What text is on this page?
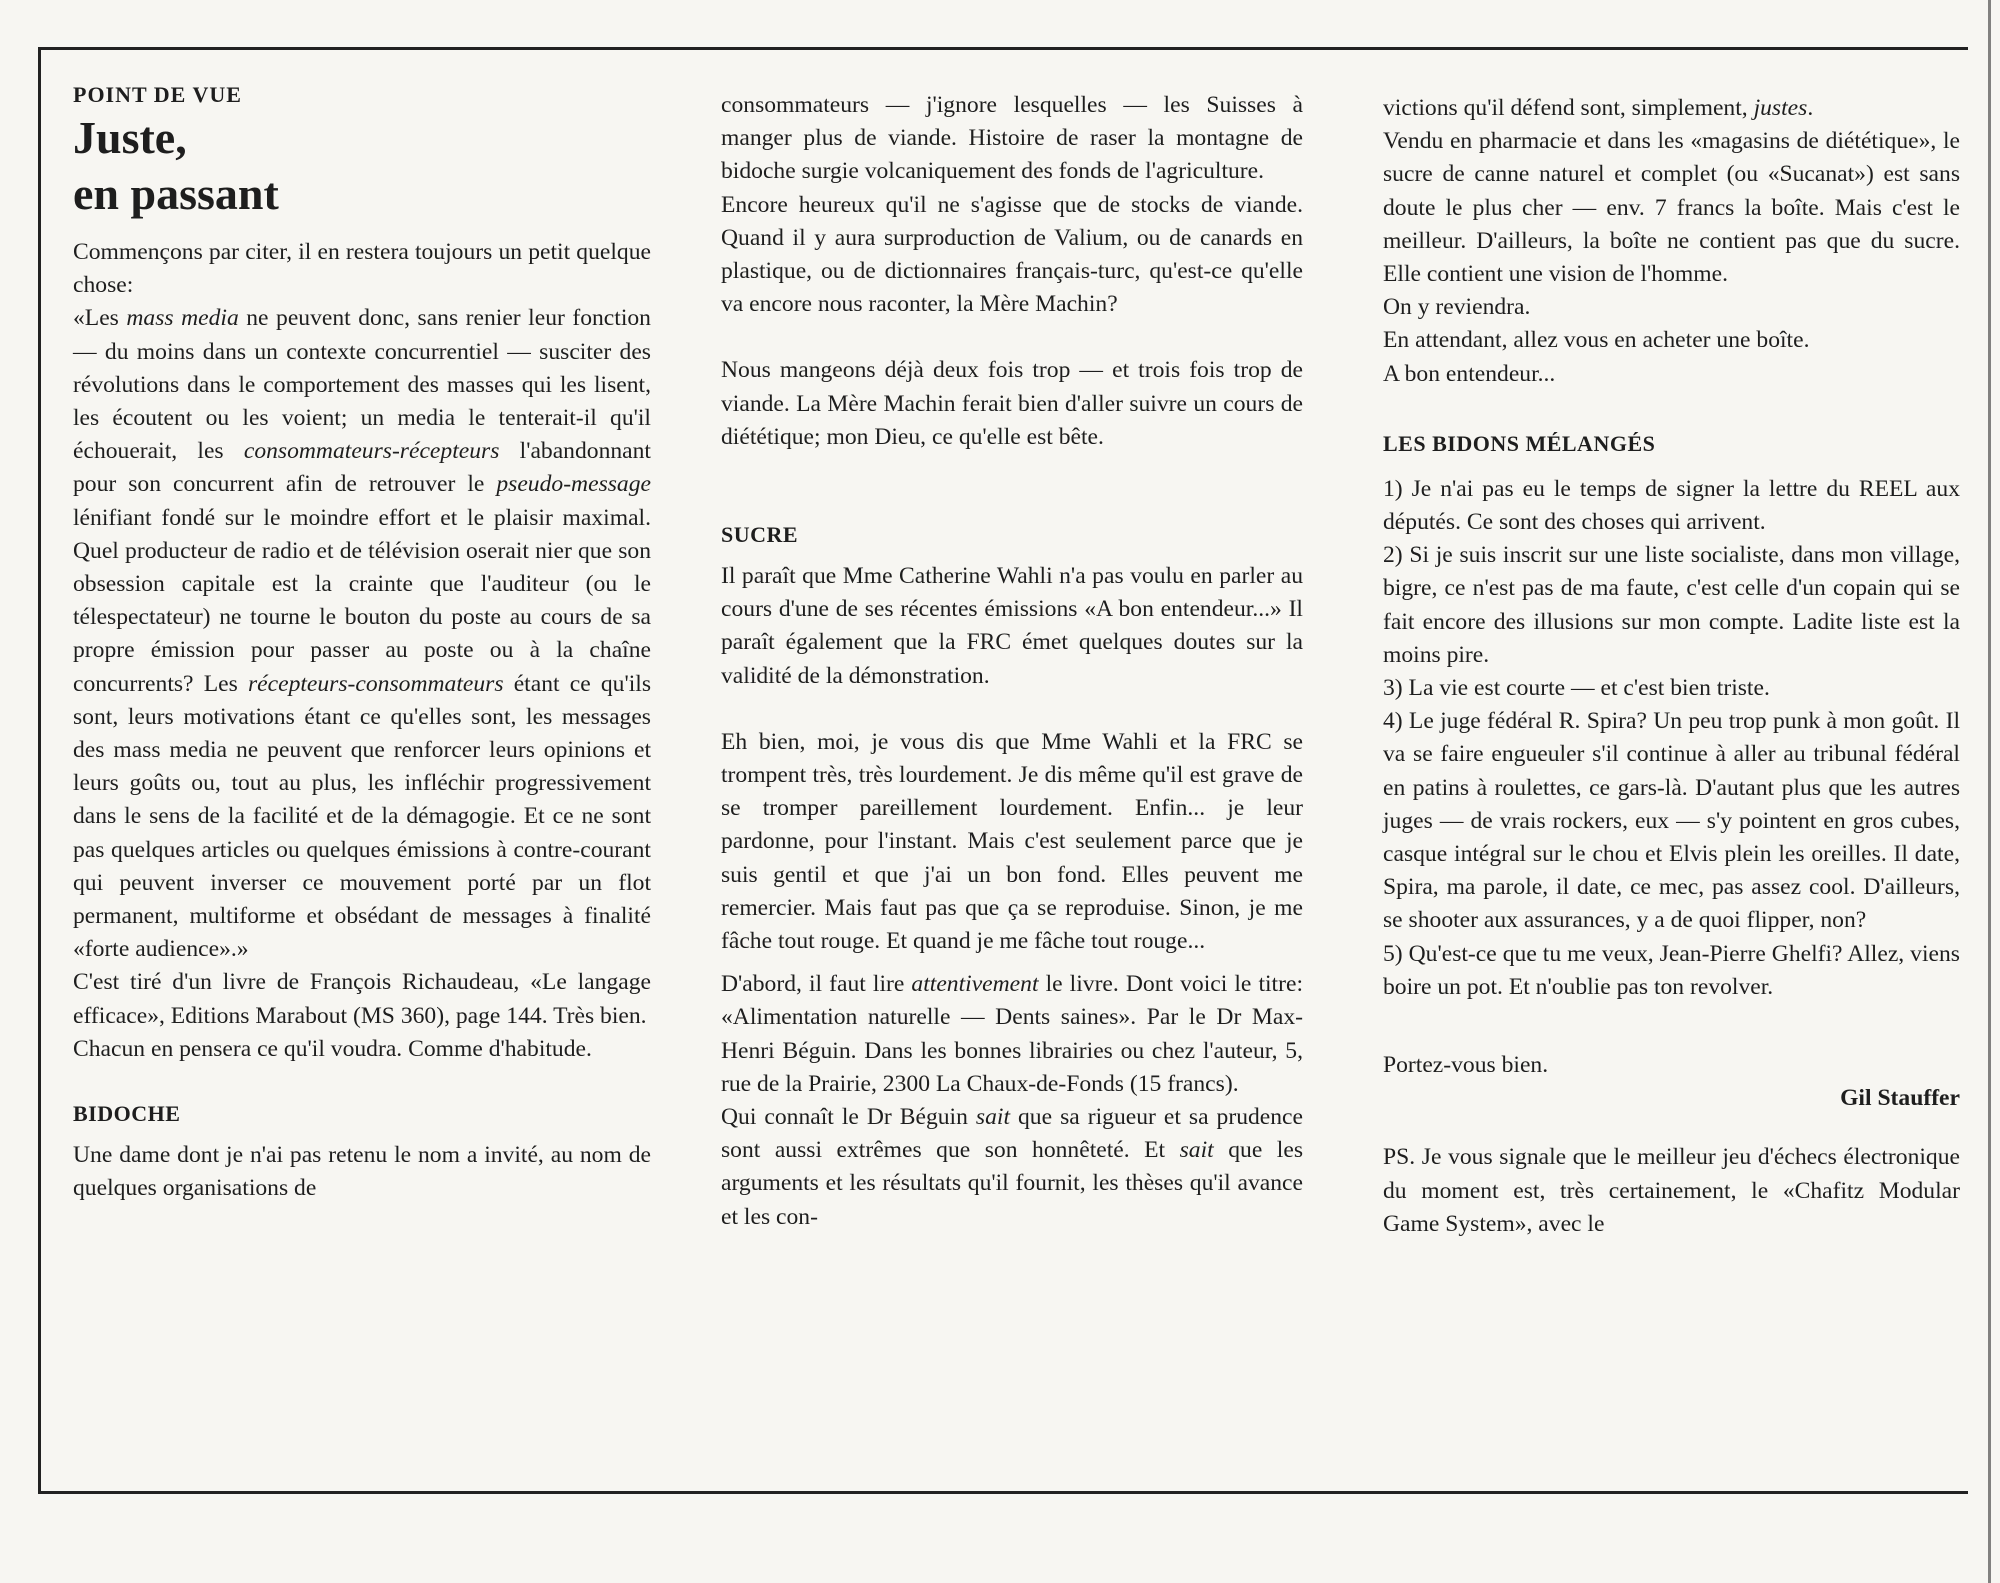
POINT DE VUE

Juste,
en passant

Commençons par citer, il en restera toujours un petit quelque chose:

«Les mass media ne peuvent donc, sans renier leur fonction — du moins dans un contexte concurrentiel — susciter des révolutions dans le comportement des masses qui les lisent, les écoutent ou les voient; un media le tenterait-il qu'il échouerait, les consommateurs-récepteurs l'abandonnant pour son concurrent afin de retrouver le pseudo-message lénifiant fondé sur le moindre effort et le plaisir maximal. Quel producteur de radio et de télévision oserait nier que son obsession capitale est la crainte que l'auditeur (ou le télespectateur) ne tourne le bouton du poste au cours de sa propre émission pour passer au poste ou à la chaîne concurrents? Les récepteurs-consommateurs étant ce qu'ils sont, leurs motivations étant ce qu'elles sont, les messages des mass media ne peuvent que renforcer leurs opinions et leurs goûts ou, tout au plus, les infléchir progressivement dans le sens de la facilité et de la démagogie. Et ce ne sont pas quelques articles ou quelques émissions à contre-courant qui peuvent inverser ce mouvement porté par un flot permanent, multiforme et obsédant de messages à finalité «forte audience».»

C'est tiré d'un livre de François Richaudeau, «Le langage efficace», Editions Marabout (MS 360), page 144. Très bien.

Chacun en pensera ce qu'il voudra. Comme d'habitude.

BIDOCHE

Une dame dont je n'ai pas retenu le nom a invité, au nom de quelques organisations de

consommateurs — j'ignore lesquelles — les Suisses à manger plus de viande. Histoire de raser la montagne de bidoche surgie volcaniquement des fonds de l'agriculture.

Encore heureux qu'il ne s'agisse que de stocks de viande. Quand il y aura surproduction de Valium, ou de canards en plastique, ou de dictionnaires français-turc, qu'est-ce qu'elle va encore nous raconter, la Mère Machin?

Nous mangeons déjà deux fois trop — et trois fois trop de viande. La Mère Machin ferait bien d'aller suivre un cours de diététique; mon Dieu, ce qu'elle est bête.

SUCRE

Il paraît que Mme Catherine Wahli n'a pas voulu en parler au cours d'une de ses récentes émissions «A bon entendeur...» Il paraît également que la FRC émet quelques doutes sur la validité de la démonstration.

Eh bien, moi, je vous dis que Mme Wahli et la FRC se trompent très, très lourdement. Je dis même qu'il est grave de se tromper pareillement lourdement. Enfin... je leur pardonne, pour l'instant. Mais c'est seulement parce que je suis gentil et que j'ai un bon fond. Elles peuvent me remercier. Mais faut pas que ça se reproduise. Sinon, je me fâche tout rouge. Et quand je me fâche tout rouge...

D'abord, il faut lire attentivement le livre. Dont voici le titre: «Alimentation naturelle — Dents saines». Par le Dr Max-Henri Béguin. Dans les bonnes librairies ou chez l'auteur, 5, rue de la Prairie, 2300 La Chaux-de-Fonds (15 francs).

Qui connaît le Dr Béguin sait que sa rigueur et sa prudence sont aussi extrêmes que son honnêteté. Et sait que les arguments et les résultats qu'il fournit, les thèses qu'il avance et les con-

victions qu'il défend sont, simplement, justes.

Vendu en pharmacie et dans les «magasins de diététique», le sucre de canne naturel et complet (ou «Sucanat») est sans doute le plus cher — env. 7 francs la boîte. Mais c'est le meilleur. D'ailleurs, la boîte ne contient pas que du sucre. Elle contient une vision de l'homme.

On y reviendra.

En attendant, allez vous en acheter une boîte.

A bon entendeur...

LES BIDONS MÉLANGÉS

1) Je n'ai pas eu le temps de signer la lettre du REEL aux députés. Ce sont des choses qui arrivent.

2) Si je suis inscrit sur une liste socialiste, dans mon village, bigre, ce n'est pas de ma faute, c'est celle d'un copain qui se fait encore des illusions sur mon compte. Ladite liste est la moins pire.

3) La vie est courte — et c'est bien triste.

4) Le juge fédéral R. Spira? Un peu trop punk à mon goût. Il va se faire engueuler s'il continue à aller au tribunal fédéral en patins à roulettes, ce gars-là. D'autant plus que les autres juges — de vrais rockers, eux — s'y pointent en gros cubes, casque intégral sur le chou et Elvis plein les oreilles. Il date, Spira, ma parole, il date, ce mec, pas assez cool. D'ailleurs, se shooter aux assurances, y a de quoi flipper, non?

5) Qu'est-ce que tu me veux, Jean-Pierre Ghelfi? Allez, viens boire un pot. Et n'oublie pas ton revolver.

Portez-vous bien.

Gil Stauffer

PS. Je vous signale que le meilleur jeu d'échecs électronique du moment est, très certainement, le «Chafitz Modular Game System», avec le
